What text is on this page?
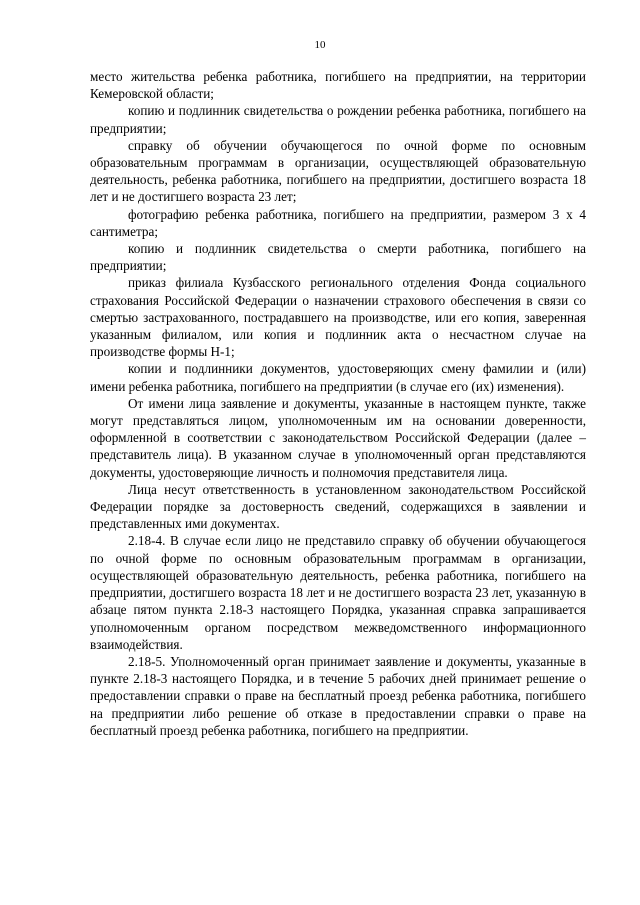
10

место жительства ребенка работника, погибшего на предприятии, на территории Кемеровской области;

копию и подлинник свидетельства о рождении ребенка работника, погибшего на предприятии;

справку об обучении обучающегося по очной форме по основным образовательным программам в организации, осуществляющей образовательную деятельность, ребенка работника, погибшего на предприятии, достигшего возраста 18 лет и не достигшего возраста 23 лет;

фотографию ребенка работника, погибшего на предприятии, размером 3 х 4 сантиметра;

копию и подлинник свидетельства о смерти работника, погибшего на предприятии;

приказ филиала Кузбасского регионального отделения Фонда социального страхования Российской Федерации о назначении страхового обеспечения в связи со смертью застрахованного, пострадавшего на производстве, или его копия, заверенная указанным филиалом, или копия и подлинник акта о несчастном случае на производстве формы Н-1;

копии и подлинники документов, удостоверяющих смену фамилии и (или) имени ребенка работника, погибшего на предприятии (в случае его (их) изменения).

От имени лица заявление и документы, указанные в настоящем пункте, также могут представляться лицом, уполномоченным им на основании доверенности, оформленной в соответствии с законодательством Российской Федерации (далее – представитель лица). В указанном случае в уполномоченный орган представляются документы, удостоверяющие личность и полномочия представителя лица.

Лица несут ответственность в установленном законодательством Российской Федерации порядке за достоверность сведений, содержащихся в заявлении и представленных ими документах.

2.18-4. В случае если лицо не представило справку об обучении обучающегося по очной форме по основным образовательным программам в организации, осуществляющей образовательную деятельность, ребенка работника, погибшего на предприятии, достигшего возраста 18 лет и не достигшего возраста 23 лет, указанную в абзаце пятом пункта 2.18-3 настоящего Порядка, указанная справка запрашивается уполномоченным органом посредством межведомственного информационного взаимодействия.

2.18-5. Уполномоченный орган принимает заявление и документы, указанные в пункте 2.18-3 настоящего Порядка, и в течение 5 рабочих дней принимает решение о предоставлении справки о праве на бесплатный проезд ребенка работника, погибшего на предприятии либо решение об отказе в предоставлении справки о праве на бесплатный проезд ребенка работника, погибшего на предприятии.
